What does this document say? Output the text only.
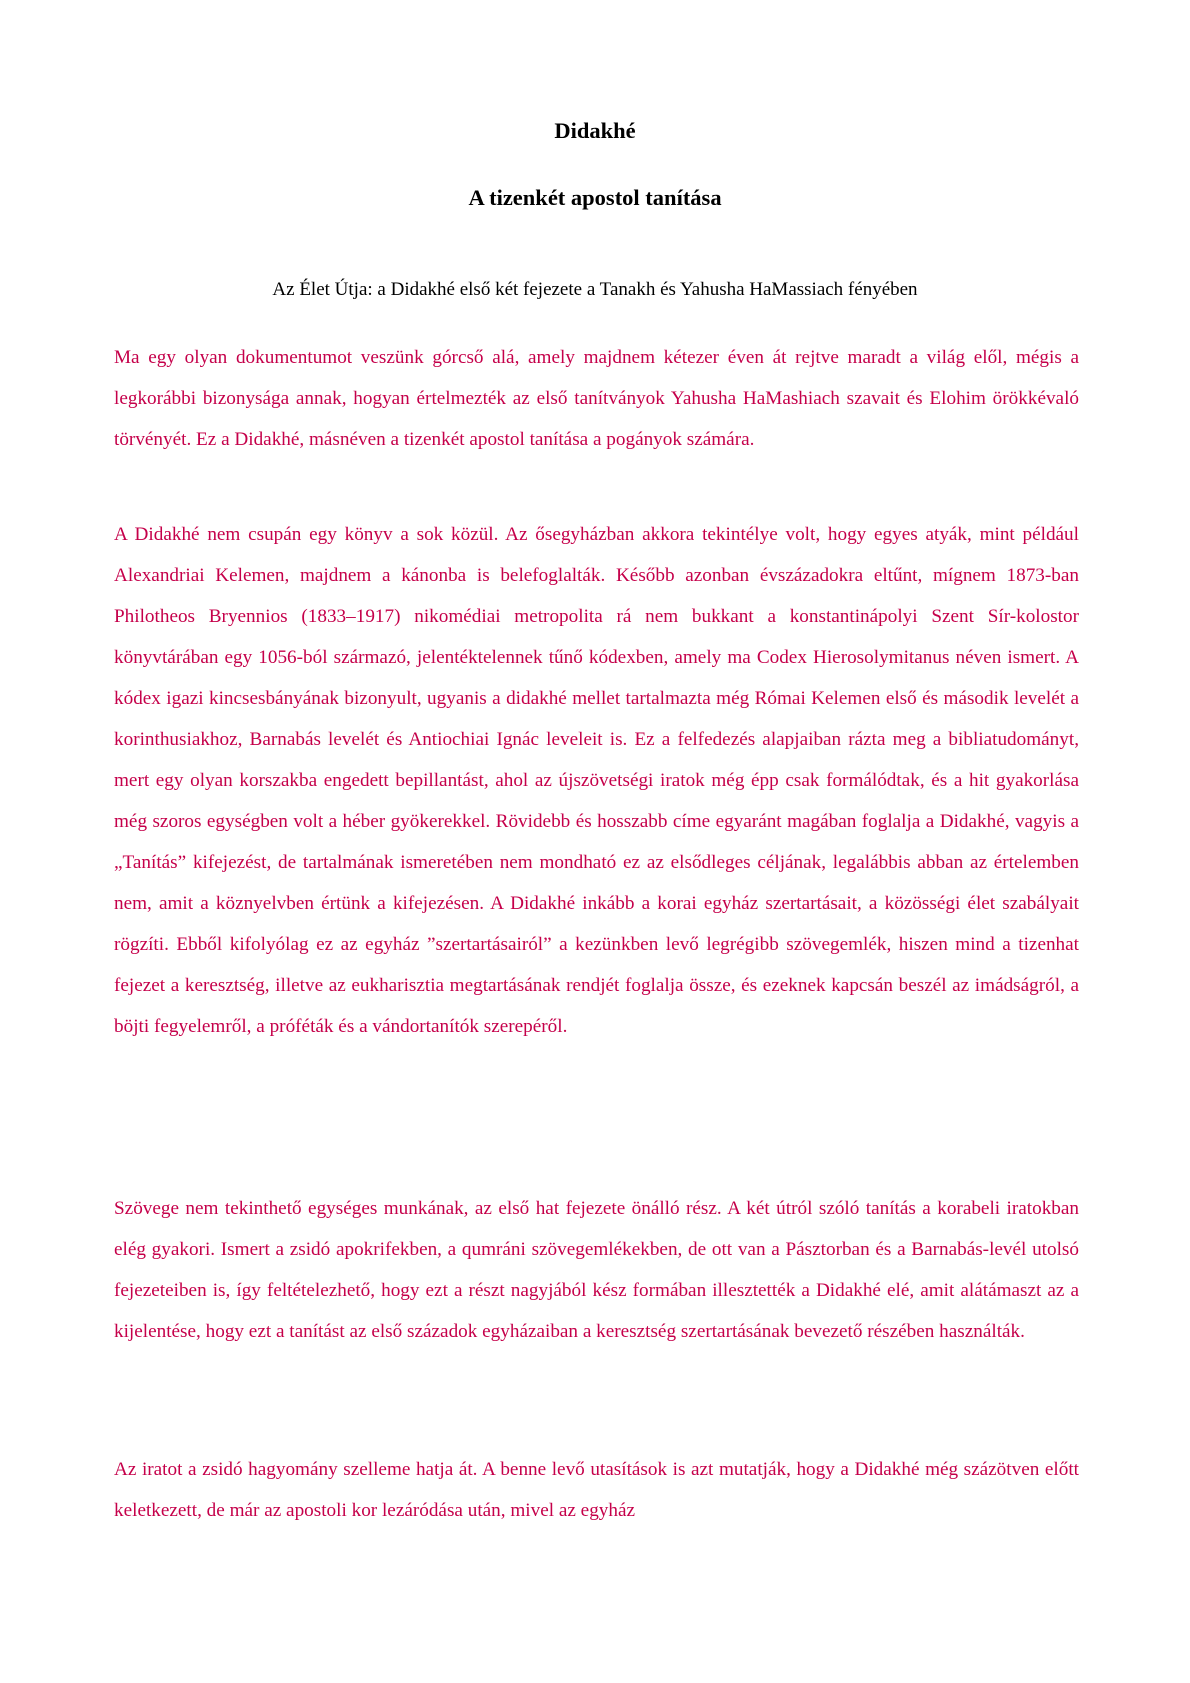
Didakhé
A tizenkét apostol tanítása

Az Élet Útja: a Didakhé első két fejezete a Tanakh és Yahusha HaMassiach fényében

Ma egy olyan dokumentumot veszünk górcső alá, amely majdnem kétezer éven át rejtve maradt a világ elől, mégis a legkorábbi bizonysága annak, hogyan értelmezték az első tanítványok Yahusha HaMashiach szavait és Elohim örökkévaló törvényét. Ez a Didakhé, másnéven a tizenkét apostol tanítása a pogányok számára.

A Didakhé nem csupán egy könyv a sok közül. Az ősegyházban akkora tekintélye volt, hogy egyes atyák, mint például Alexandriai Kelemen, majdnem a kánonba is belefoglalták. Később azonban évszázadokra eltűnt, mígnem 1873-ban Philotheos Bryennios (1833–1917) nikomédiai metropolita rá nem bukkant a konstantinápolyi Szent Sír-kolostor könyvtárában egy 1056-ból származó, jelentéktelennek tűnő kódexben, amely ma Codex Hierosolymitanus néven ismert. A kódex igazi kincsesbányának bizonyult, ugyanis a didakhé mellet tartalmazta még Római Kelemen első és második levelét a korinthusiakhoz, Barnabás levelét és Antiochiai Ignác leveleit is. Ez a felfedezés alapjaiban rázta meg a bibliatudományt, mert egy olyan korszakba engedett bepillantást, ahol az újszövetségi iratok még épp csak formálódtak, és a hit gyakorlása még szoros egységben volt a héber gyökerekkel. Rövidebb és hosszabb címe egyaránt magában foglalja a Didakhé, vagyis a „Tanítás” kifejezést, de tartalmának ismeretében nem mondható ez az elsődleges céljának, legalábbis abban az értelemben nem, amit a köznyelvben értünk a kifejezésen. A Didakhé inkább a korai egyház szertartásait, a közösségi élet szabályait rögzíti. Ebből kifolyólag ez az egyház ”szertartásairól” a kezünkben levő legrégibb szövegemlék, hiszen mind a tizenhat fejezet a keresztség, illetve az eukharisztia megtartásának rendjét foglalja össze, és ezeknek kapcsán beszél az imádságról, a böjti fegyelemről, a próféták és a vándortanítók szerepéről.

Szövege nem tekinthető egységes munkának, az első hat fejezete önálló rész. A két útról szóló tanítás a korabeli iratokban elég gyakori. Ismert a zsidó apokrifekben, a qumráni szövegemlékekben, de ott van a Pásztorban és a Barnabás-levél utolsó fejezeteiben is, így feltételezhető, hogy ezt a részt nagyjából kész formában illesztették a Didakhé elé, amit alátámaszt az a kijelentése, hogy ezt a tanítást az első századok egyházaiban a keresztség szertartásának bevezető részében használták.

Az iratot a zsidó hagyomány szelleme hatja át. A benne levő utasítások is azt mutatják, hogy a Didakhé még százötven előtt keletkezett, de már az apostoli kor lezáródása után, mivel az egyház
